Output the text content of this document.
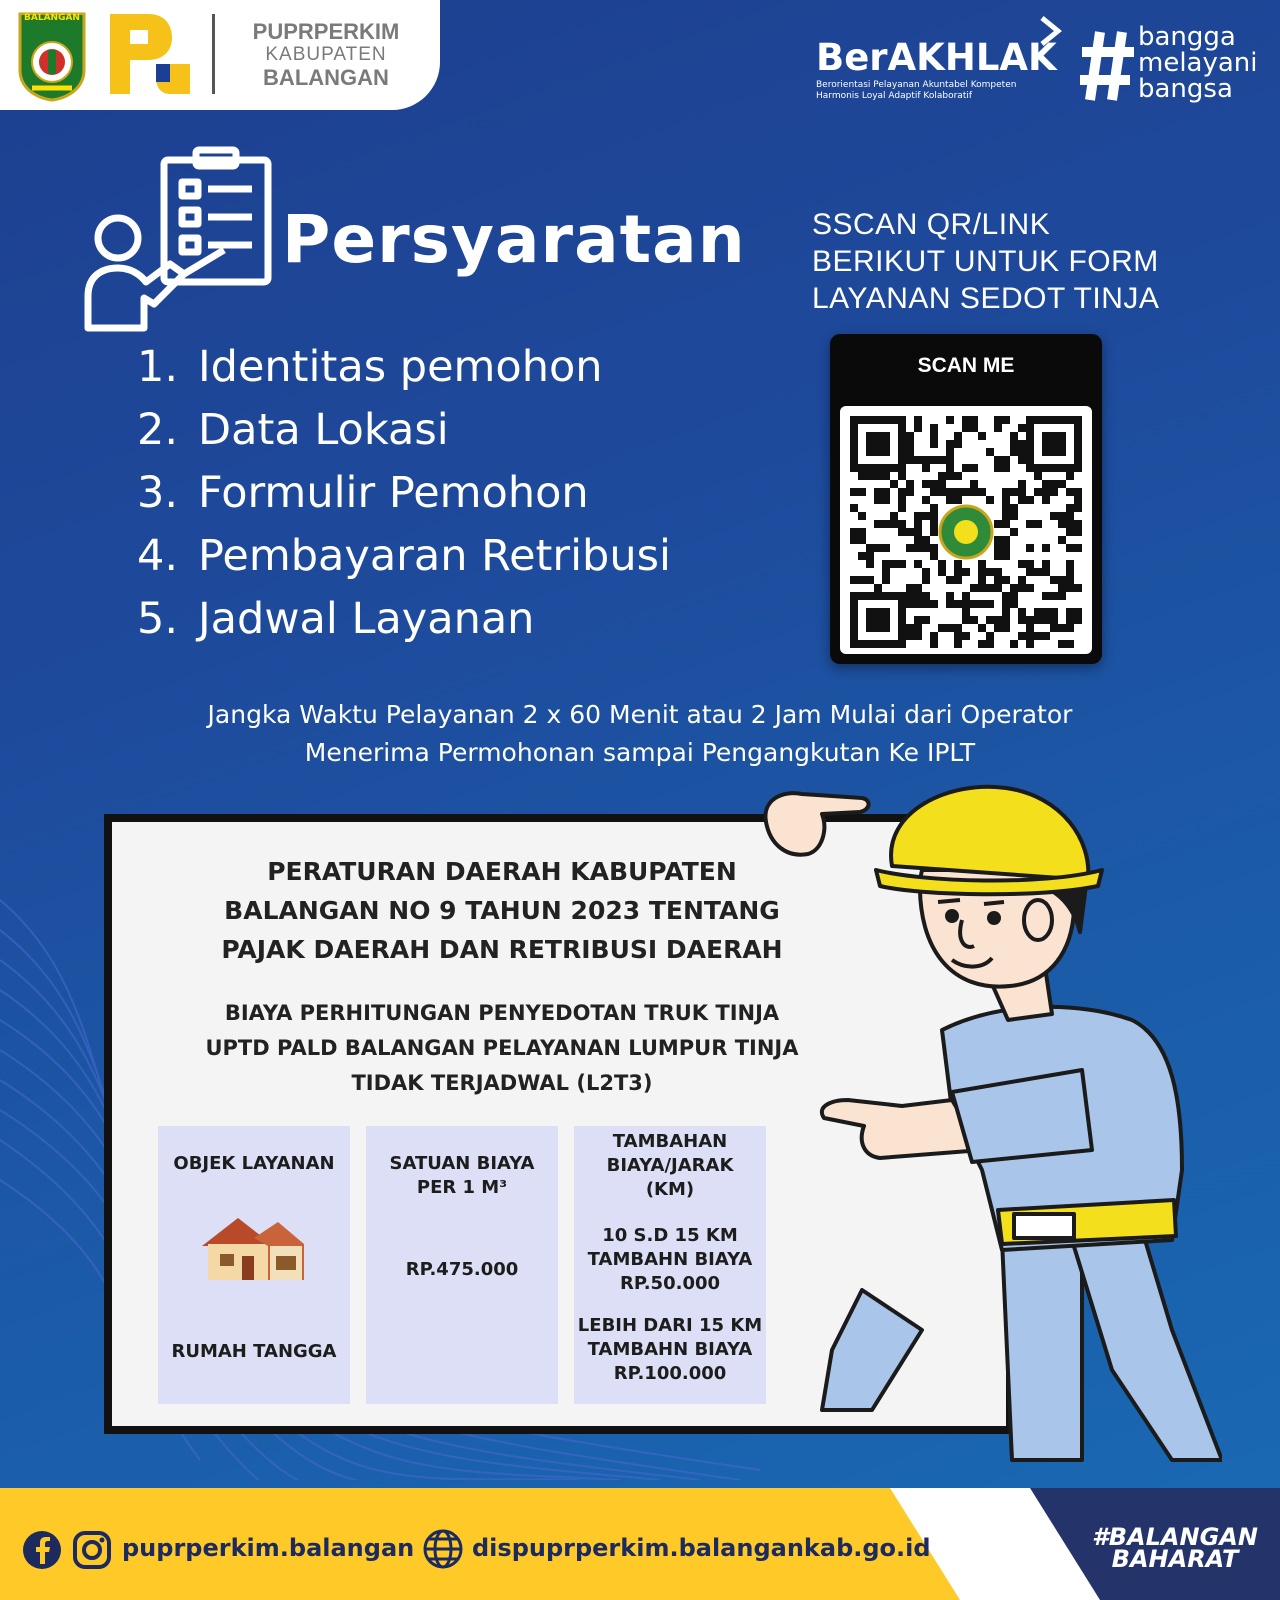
BALANGAN
PUPRPERKIM
KABUPATEN
BALANGAN	BerAKHLAK
Berorientasi Pelayanan Akuntabel Kompeten
Harmonis Loyal Adaptif Kolaboratif
bangga
melayani
bangsa
Persyaratan
1. Identitas pemohon
2. Data Lokasi
3. Formulir Pemohon
4. Pembayaran Retribusi
5. Jadwal Layanan
SSCAN QR/LINK
BERIKUT UNTUK FORM
LAYANAN SEDOT TINJA
SCAN ME

Jangka Waktu Pelayanan 2 x 60 Menit atau 2 Jam Mulai dari Operator
Menerima Permohonan sampai Pengangkutan Ke IPLT

PERATURAN DAERAH KABUPATEN
BALANGAN NO 9 TAHUN 2023 TENTANG
PAJAK DAERAH DAN RETRIBUSI DAERAH
BIAYA PERHITUNGAN PENYEDOTAN TRUK TINJA
UPTD PALD BALANGAN PELAYANAN LUMPUR TINJA
TIDAK TERJADWAL (L2T3)
OBJEK LAYANAN
RUMAH TANGGA
SATUAN BIAYA
PER 1 M³
RP.475.000
TAMBAHAN
BIAYA/JARAK
(KM)
10 S.D 15 KM
TAMBAHN BIAYA
RP.50.000
LEBIH DARI 15 KM
TAMBAHN BIAYA
RP.100.000
puprperkim.balangan dispuprperkim.balangankab.go.id	#BALANGAN
BAHARAT
